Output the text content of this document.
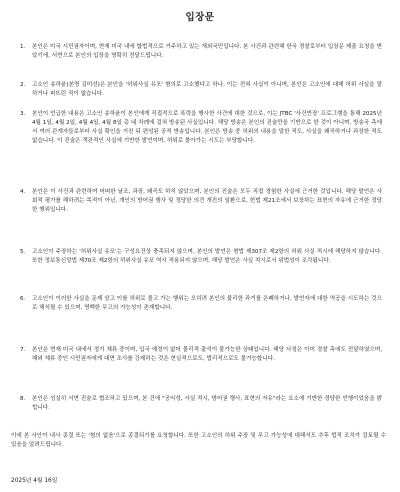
입장문
1.	본인은 미국 시민권자이며, 현재 미국 내에 합법적으로 거주하고 있는 재외국민입니다. 본 사건과 관련해 한국 경찰로부터 입장문 제출 요청을 받았기에, 서면으로 본인의 입장을 명확히 전달드립니다.
2.	고소인 송하윤(본명 김미선)은 본인을 '허위사실 유포' 혐의로 고소했다고 하나, 이는 전혀 사실이 아니며, 본인은 고소인에 대해 허위 사실을 말하거나 퍼뜨린 적이 없습니다.
3.	본인이 언급한 내용은 고소인 송하윤이 본인에게 직접적으로 폭력을 행사한 사건에 대한 것으로, 이는 JTBC '사건반장' 프로그램을 통해 2025년 4월 1일, 4월 2일, 4월 4일, 4월 8일 총 네 차례에 걸쳐 방송된 사실입니다. 해당 방송은 본인의 진술만을 기반으로 한 것이 아니며, 방송국 측에서 여러 관계자들로부터 사실 확인을 거친 뒤 편성된 공적 방송입니다. 본인은 방송 중 허위의 내용을 말한 적도, 사실을 왜곡하거나 과장한 적도 없습니다. 이 진술은 객관적인 사실에 기반한 발언이며, 허위로 몰아가는 시도는 부당합니다.
4.	본인은 이 사건과 관련하여 어떠한 날조, 과장, 왜곡도 하지 않았으며, 본인의 진술은 모두 직접 경험한 사실에 근거한 것입니다. 해당 발언은 사회적 평가를 해하려는 목적이 아닌, 개인의 방어권 행사 및 정당한 의견 개진의 일환으로, 헌법 제21조에서 보장하는 표현의 자유에 근거한 정당한 행위입니다.
5.	고소인이 주장하는 '허위사실 유포'는 구성요건상 충족되지 않으며, 본인의 발언은 형법 제307조 제2항의 허위 사실 적시에 해당하지 않습니다. 또한 정보통신망법 제70조 제2항의 허위사실 유포 역시 적용되지 않으며, 해당 발언은 사실 적시로서 위법성이 조각됩니다.
6.	고소인이 이러한 사실을 문제 삼고 이를 허위로 몰고 가는 행위는 오히려 본인의 불리한 과거를 은폐하거나, 발언자에 대한 역공을 시도하는 것으로 해석될 수 있으며, 명백한 무고의 가능성이 존재합니다.
7.	본인은 현재 미국 내에서 정기 체류 중이며, 입국 예정이 없어 물리적 출석이 불가능한 상태입니다. 해당 사정은 이미 경찰 측에도 전달하였으며, 해외 체류 중인 시민권자에게 대면 조사를 강제하는 것은 현실적으로도, 법리적으로도 불가능합니다.
8.	본인은 성실히 서면 진술로 협조하고 있으며, 본 건에 "공익성, 사실 적시, 방어권 행사, 표현의 자유"라는 요소에 기반한 정당한 언행이었음을 밝힙니다.
이에 본 사안이 내사 종결 또는 '혐의 없음'으로 종결되기를 요청합니다. 또한 고소인의 허위 주장 및 무고 가능성에 대해서도 추후 법적 조치가 검토될 수 있음을 알려드립니다.
2025년 4월 16일
